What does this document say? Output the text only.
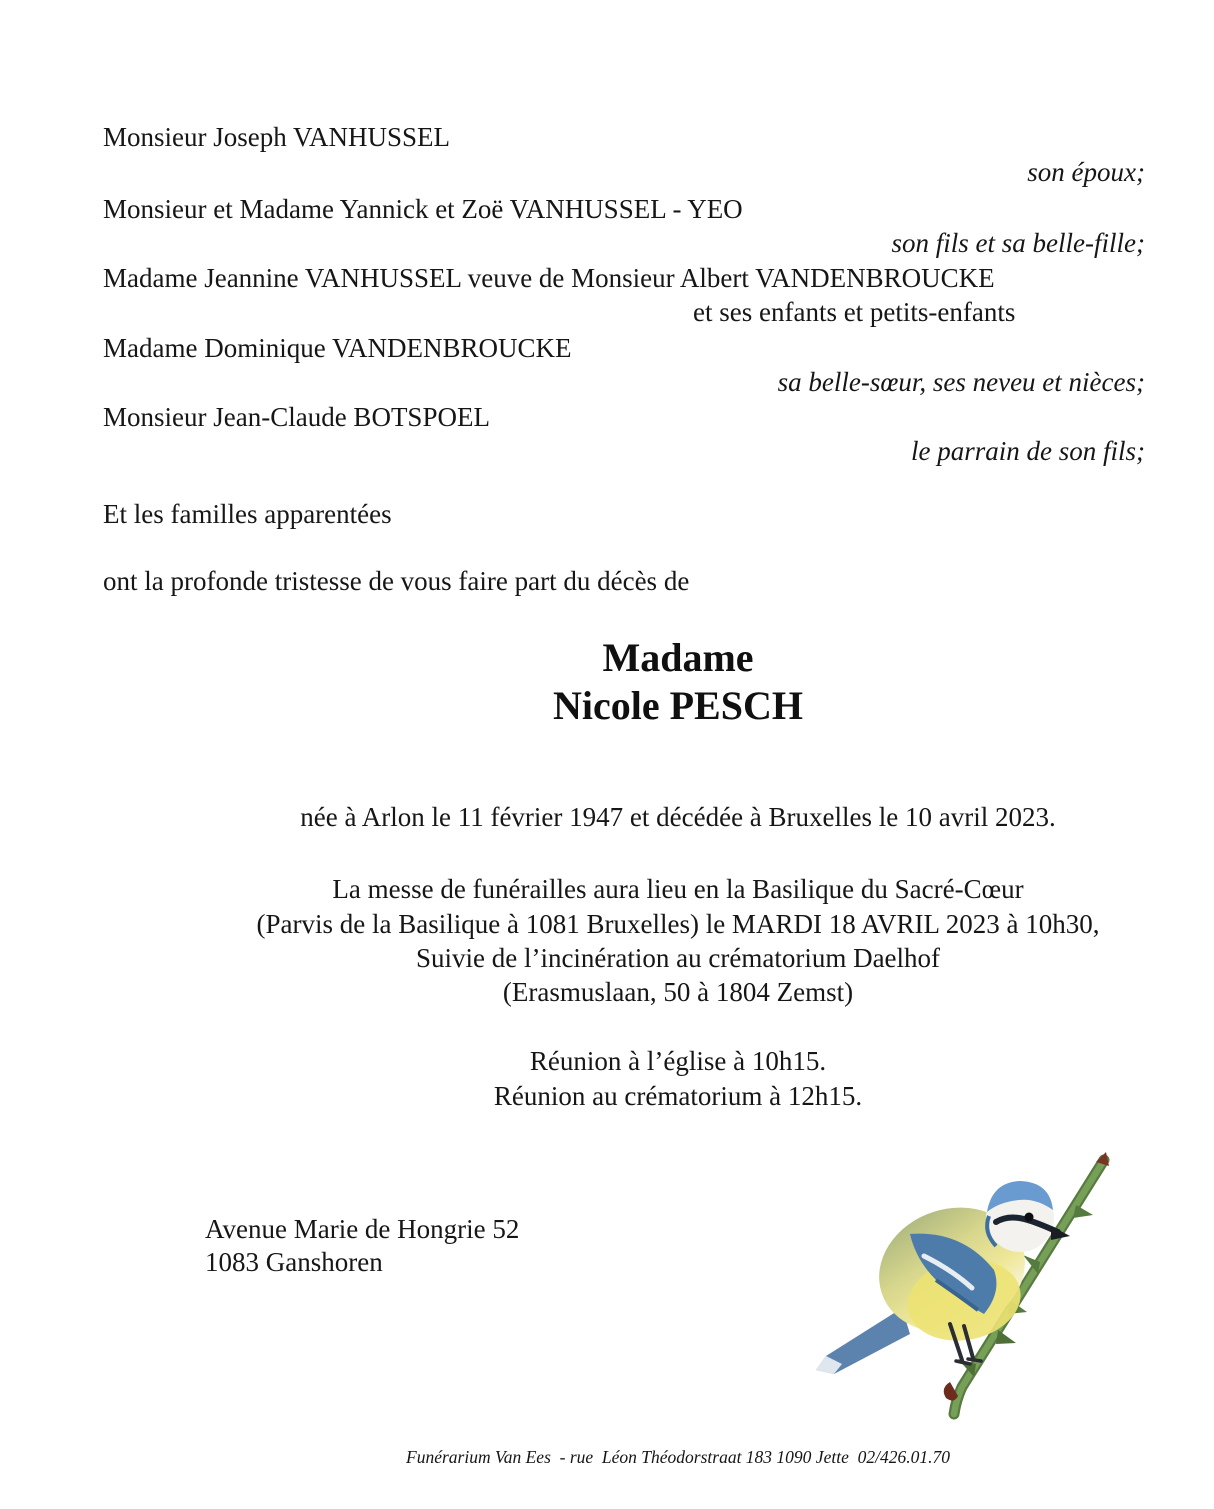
Monsieur Joseph VANHUSSEL

son époux;

Monsieur et Madame Yannick et Zoë VANHUSSEL - YEO

son fils et sa belle-fille;

Madame Jeannine VANHUSSEL veuve de Monsieur Albert VANDENBROUCKE

et ses enfants et petits-enfants

Madame Dominique VANDENBROUCKE

sa belle-sœur, ses neveu et nièces;

Monsieur Jean-Claude BOTSPOEL

le parrain de son fils;

Et les familles apparentées

ont la profonde tristesse de vous faire part du décès de

Madame

Nicole PESCH

née à Arlon le 11 février 1947 et décédée à Bruxelles le 10 avril 2023.

La messe de funérailles aura lieu en la Basilique du Sacré-Cœur

(Parvis de la Basilique à 1081 Bruxelles) le MARDI 18 AVRIL 2023 à 10h30,

Suivie de l’incinération au crématorium Daelhof

(Erasmuslaan, 50 à 1804 Zemst)

Réunion à l’église à 10h15.

Réunion au crématorium à 12h15.

Avenue Marie de Hongrie 52

1083 Ganshoren

Funérarium Van Ees  - rue  Léon Théodorstraat 183 1090 Jette  02/426.01.70
